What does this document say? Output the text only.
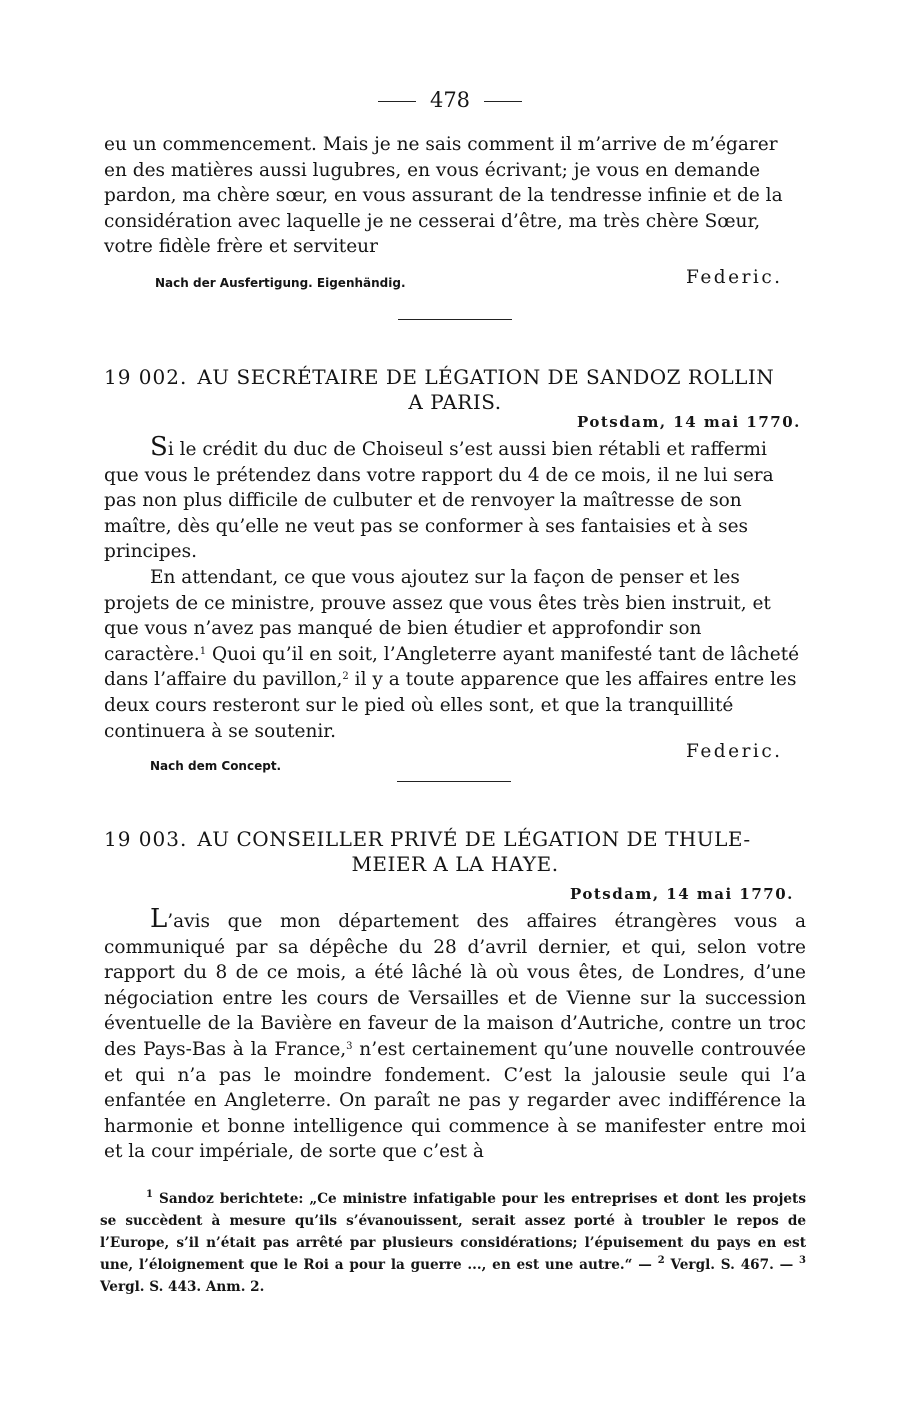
478

eu un commencement. Mais je ne sais comment il m’arrive de m’égarer en des matières aussi lugubres, en vous écrivant; je vous en demande pardon, ma chère sœur, en vous assurant de la tendresse infinie et de la considération avec laquelle je ne cesserai d’être, ma très chère Sœur, votre fidèle frère et serviteur

Nach der Ausfertigung. Eigenhändig.	Federic.
19 002. AU SECRÉTAIRE DE LÉGATION DE SANDOZ ROLLIN
A PARIS.
Potsdam, 14 mai 1770.

Si le crédit du duc de Choiseul s’est aussi bien rétabli et raffermi que vous le prétendez dans votre rapport du 4 de ce mois, il ne lui sera pas non plus difficile de culbuter et de renvoyer la maîtresse de son maître, dès qu’elle ne veut pas se conformer à ses fantaisies et à ses principes.

En attendant, ce que vous ajoutez sur la façon de penser et les projets de ce ministre, prouve assez que vous êtes très bien instruit, et que vous n’avez pas manqué de bien étudier et approfondir son caractère.$^1$ Quoi qu’il en soit, l’Angleterre ayant manifesté tant de lâcheté dans l’affaire du pavillon,$^2$ il y a toute apparence que les affaires entre les deux cours resteront sur le pied où elles sont, et que la tranquillité continuera à se soutenir.

Federic.
Nach dem Concept.
19 003. AU CONSEILLER PRIVÉ DE LÉGATION DE THULE-
MEIER A LA HAYE.
Potsdam, 14 mai 1770.

L’avis que mon département des affaires étrangères vous a communiqué par sa dépêche du 28 d’avril dernier, et qui, selon votre rapport du 8 de ce mois, a été lâché là où vous êtes, de Londres, d’une négociation entre les cours de Versailles et de Vienne sur la succession éventuelle de la Bavière en faveur de la maison d’Autriche, contre un troc des Pays-Bas à la France,$^3$ n’est certainement qu’une nouvelle controuvée et qui n’a pas le moindre fondement. C’est la jalousie seule qui l’a enfantée en Angleterre. On paraît ne pas y regarder avec indifférence la harmonie et bonne intelligence qui commence à se manifester entre moi et la cour impériale, de sorte que c’est à

$^1$ Sandoz berichtete: „Ce ministre infatigable pour les entreprises et dont les projets se succèdent à mesure qu’ils s’évanouissent, serait assez porté à troubler le repos de l’Europe, s’il n’était pas arrêté par plusieurs considérations; l’épuisement du pays en est une, l’éloignement que le Roi a pour la guerre ..., en est une autre.“ — $^2$ Vergl. S. 467. — $^3$ Vergl. S. 443. Anm. 2.
